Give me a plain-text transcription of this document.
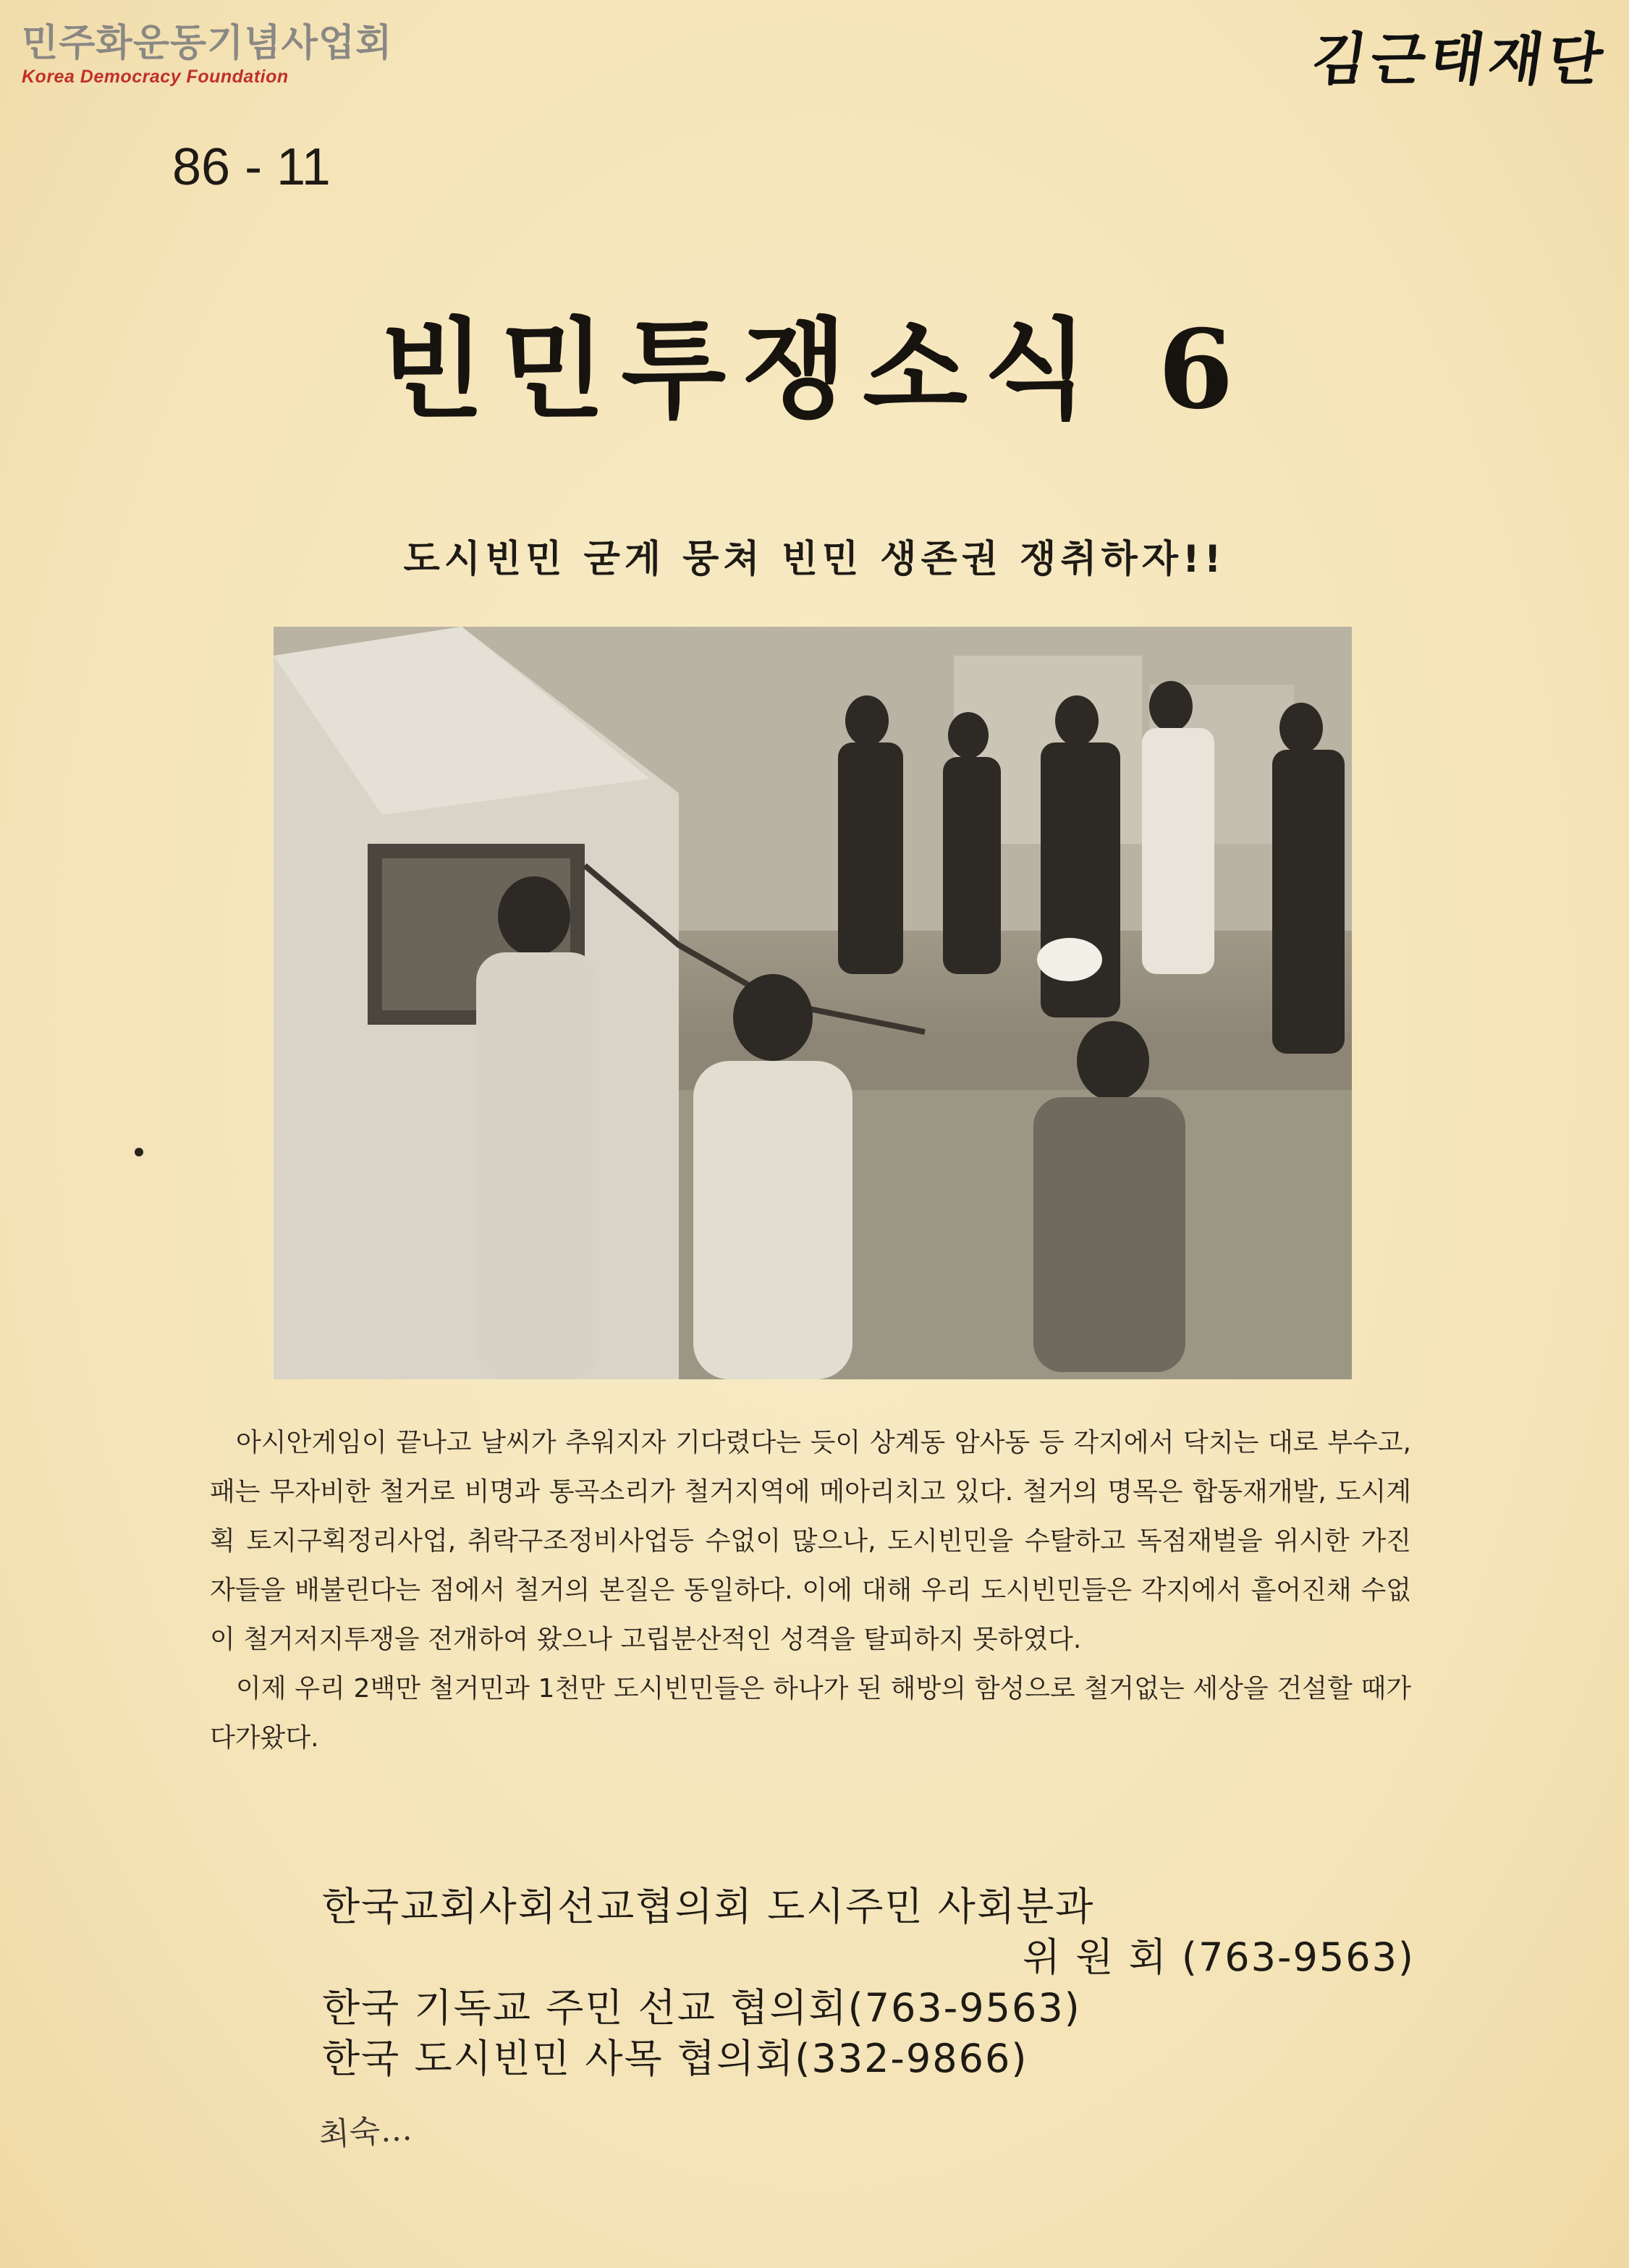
민주화운동기념사업회
Korea Democracy Foundation	김근태재단
86 - 11
빈민투쟁소식 6
도시빈민 굳게 뭉쳐 빈민 생존권 쟁취하자!!

아시안게임이 끝나고 날씨가 추워지자 기다렸다는 듯이 상계동 암사동 등 각지에서 닥치는 대로 부수고, 패는 무자비한 철거로 비명과 통곡소리가 철거지역에 메아리치고 있다. 철거의 명목은 합동재개발, 도시계획 토지구획정리사업, 취락구조정비사업등 수없이 많으나, 도시빈민을 수탈하고 독점재벌을 위시한 가진 자들을 배불린다는 점에서 철거의 본질은 동일하다. 이에 대해 우리 도시빈민들은 각지에서 흩어진채 수없이 철거저지투쟁을 전개하여 왔으나 고립분산적인 성격을 탈피하지 못하였다.

이제 우리 2백만 철거민과 1천만 도시빈민들은 하나가 된 해방의 함성으로 철거없는 세상을 건설할 때가 다가왔다.

한국교회사회선교협의회 도시주민 사회분과
위 원 회 (763-9563)
한국 기독교 주민 선교 협의회(763-9563)
한국 도시빈민 사목 협의회(332-9866)
최숙…
